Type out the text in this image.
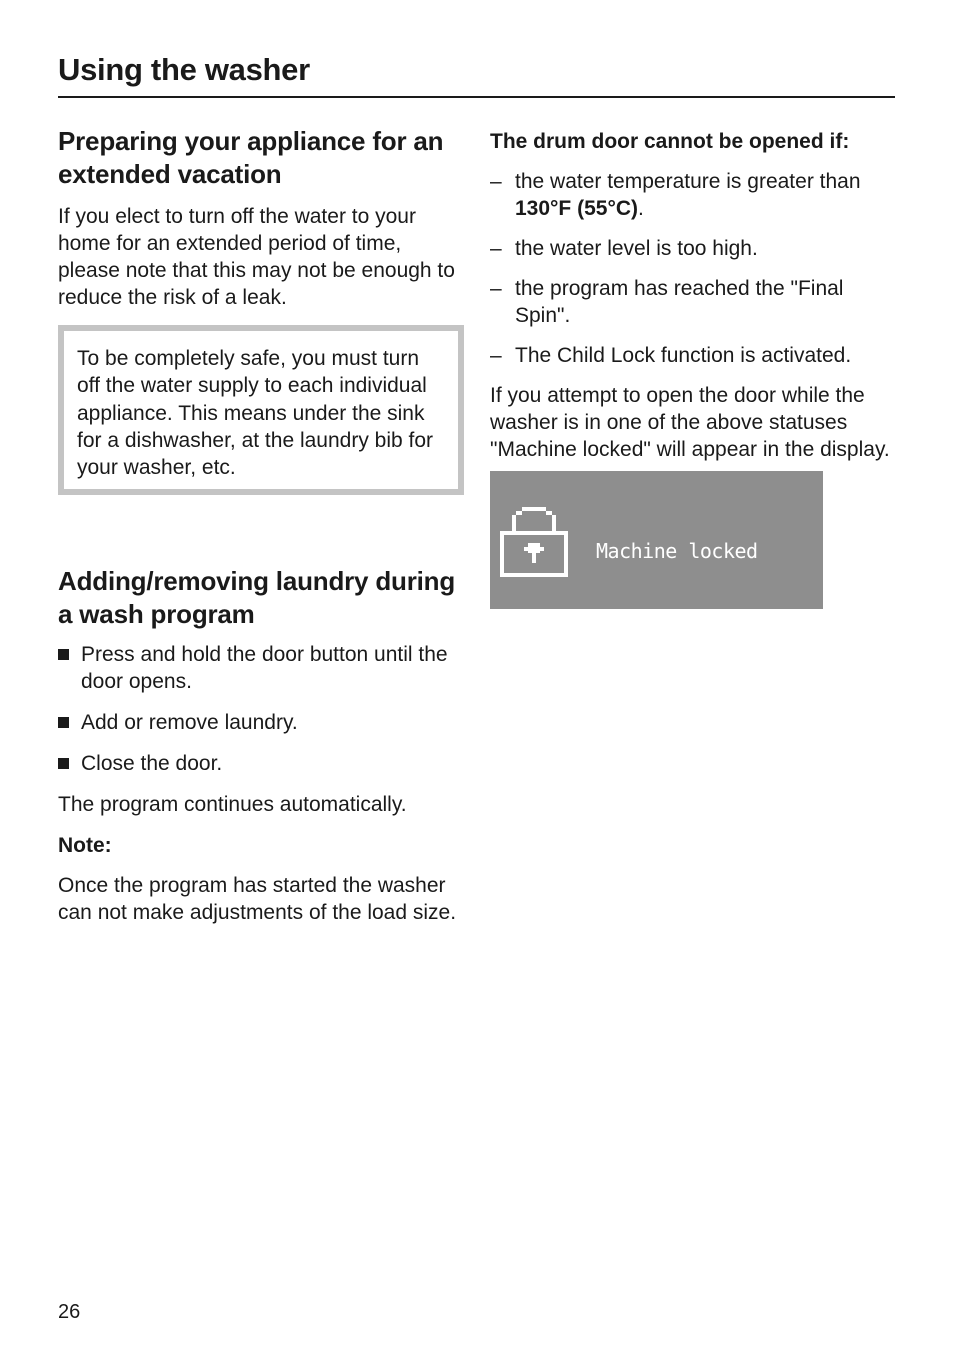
Using the washer
Preparing your appliance for an extended vacation

If you elect to turn off the water to your home for an extended period of time, please note that this may not be enough to reduce the risk of a leak.

To be completely safe, you must turn off the water supply to each individual appliance. This means under the sink for a dishwasher, at the laundry bib for your washer, etc.

Adding/removing laundry during a wash program
Press and hold the door button until the door opens.
Add or remove laundry.
Close the door.

The program continues automatically.

Note:

Once the program has started the washer can not make adjustments of the load size.

The drum door cannot be opened if:

– the water temperature is greater than 130°F (55°C).
– the water level is too high.
– the program has reached the "Final Spin".
– The Child Lock function is activated.

If you attempt to open the door while the washer is in one of the above statuses "Machine locked" will appear in the display.

Machine locked
26
